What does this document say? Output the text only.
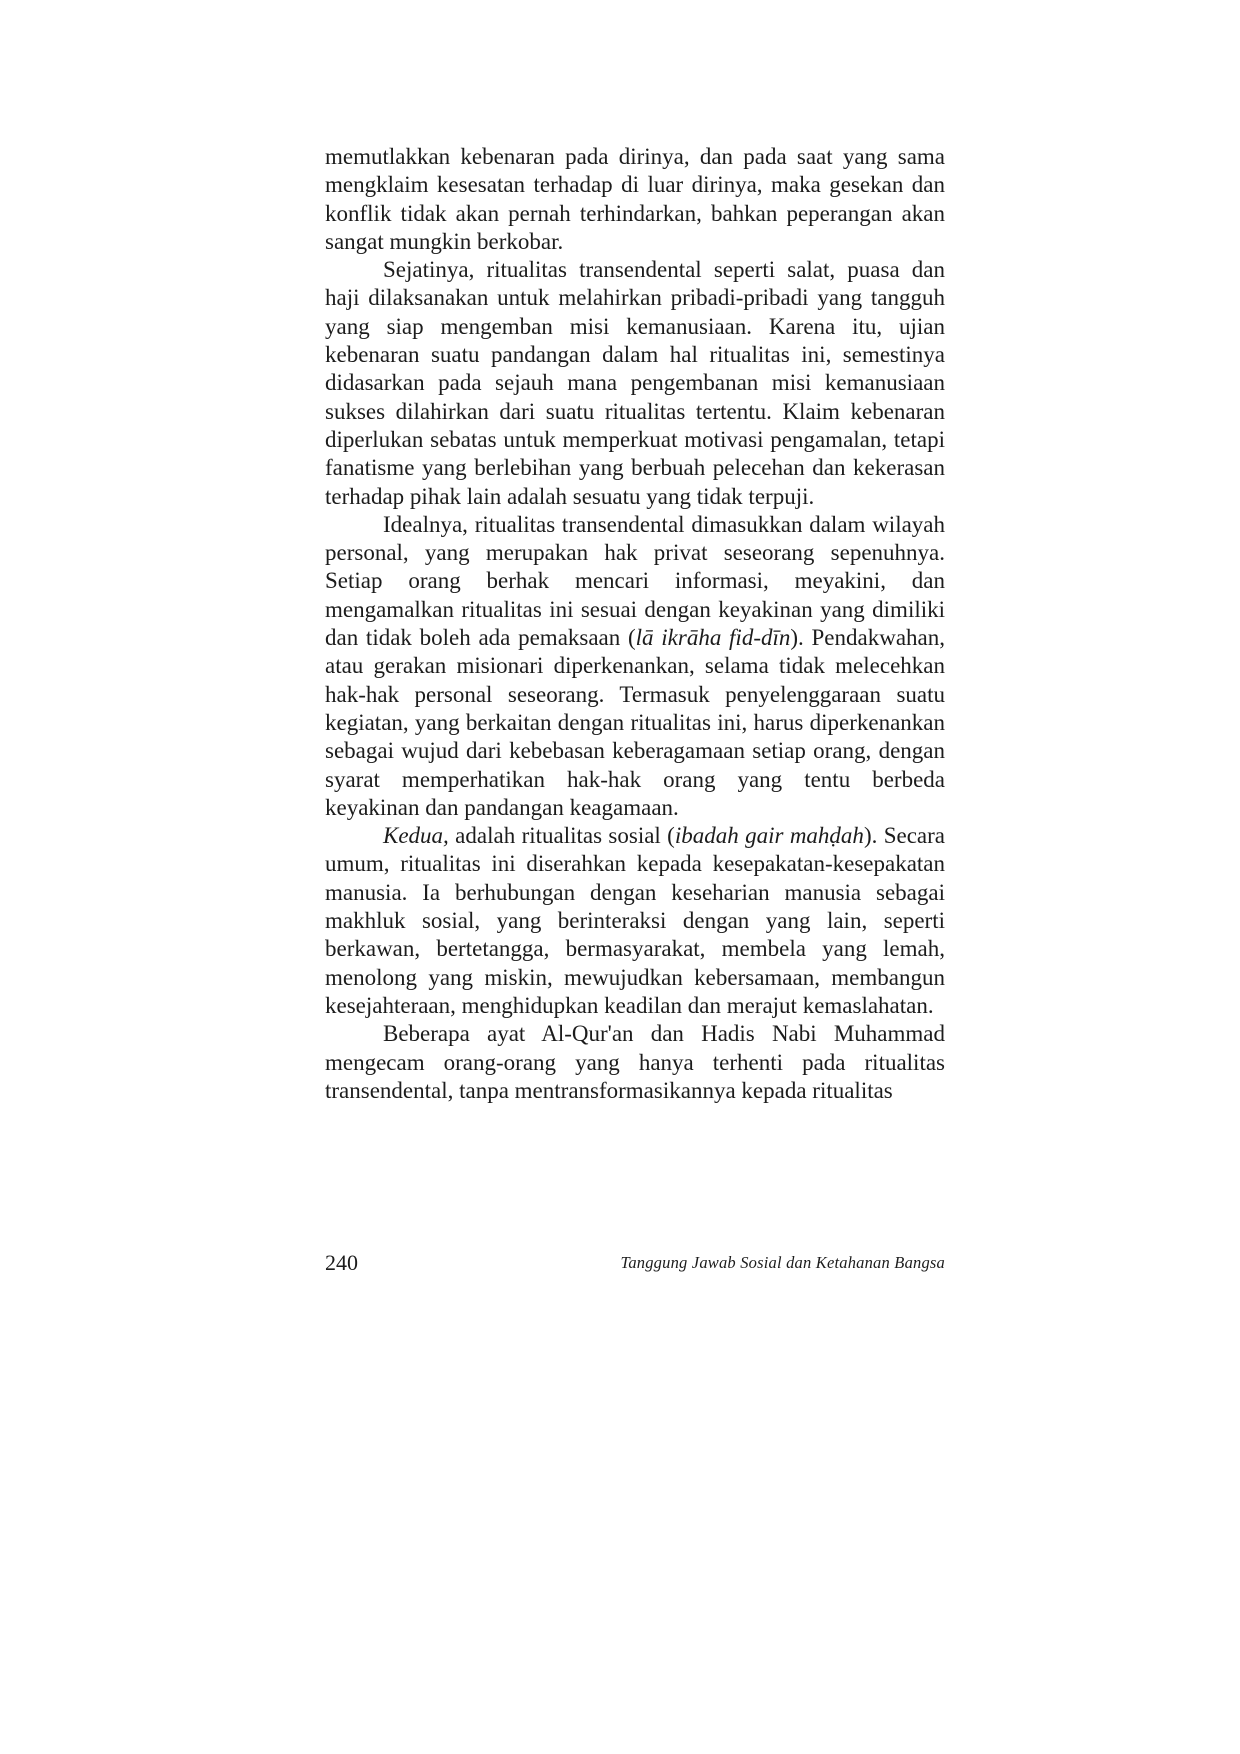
memutlakkan kebenaran pada dirinya, dan pada saat yang sama mengklaim kesesatan terhadap di luar dirinya, maka gesekan dan konflik tidak akan pernah terhindarkan, bahkan peperangan akan sangat mungkin berkobar.

Sejatinya, ritualitas transendental seperti salat, puasa dan haji dilaksanakan untuk melahirkan pribadi-pribadi yang tangguh yang siap mengemban misi kemanusiaan. Karena itu, ujian kebenaran suatu pandangan dalam hal ritualitas ini, semestinya didasarkan pada sejauh mana pengembanan misi kemanusiaan sukses dilahirkan dari suatu ritualitas tertentu. Klaim kebenaran diperlukan sebatas untuk memperkuat motivasi pengamalan, tetapi fanatisme yang berlebihan yang berbuah pelecehan dan kekerasan terhadap pihak lain adalah sesuatu yang tidak terpuji.

Idealnya, ritualitas transendental dimasukkan dalam wilayah personal, yang merupakan hak privat seseorang sepenuhnya. Setiap orang berhak mencari informasi, meyakini, dan mengamalkan ritualitas ini sesuai dengan keyakinan yang dimiliki dan tidak boleh ada pemaksaan (lā ikrāha fid-dīn). Pendakwahan, atau gerakan misionari diperkenankan, selama tidak melecehkan hak-hak personal seseorang. Termasuk penyelenggaraan suatu kegiatan, yang berkaitan dengan ritualitas ini, harus diperkenankan sebagai wujud dari kebebasan keberagamaan setiap orang, dengan syarat memperhatikan hak-hak orang yang tentu berbeda keyakinan dan pandangan keagamaan.

Kedua, adalah ritualitas sosial (ibadah gair mahḍah). Secara umum, ritualitas ini diserahkan kepada kesepakatan-kesepakatan manusia. Ia berhubungan dengan keseharian manusia sebagai makhluk sosial, yang berinteraksi dengan yang lain, seperti berkawan, bertetangga, bermasyarakat, membela yang lemah, menolong yang miskin, mewujudkan kebersamaan, membangun kesejahteraan, menghidupkan keadilan dan merajut kemaslahatan.

Beberapa ayat Al-Qur'an dan Hadis Nabi Muhammad mengecam orang-orang yang hanya terhenti pada ritualitas transendental, tanpa mentransformasikannya kepada ritualitas

240	Tanggung Jawab Sosial dan Ketahanan Bangsa
